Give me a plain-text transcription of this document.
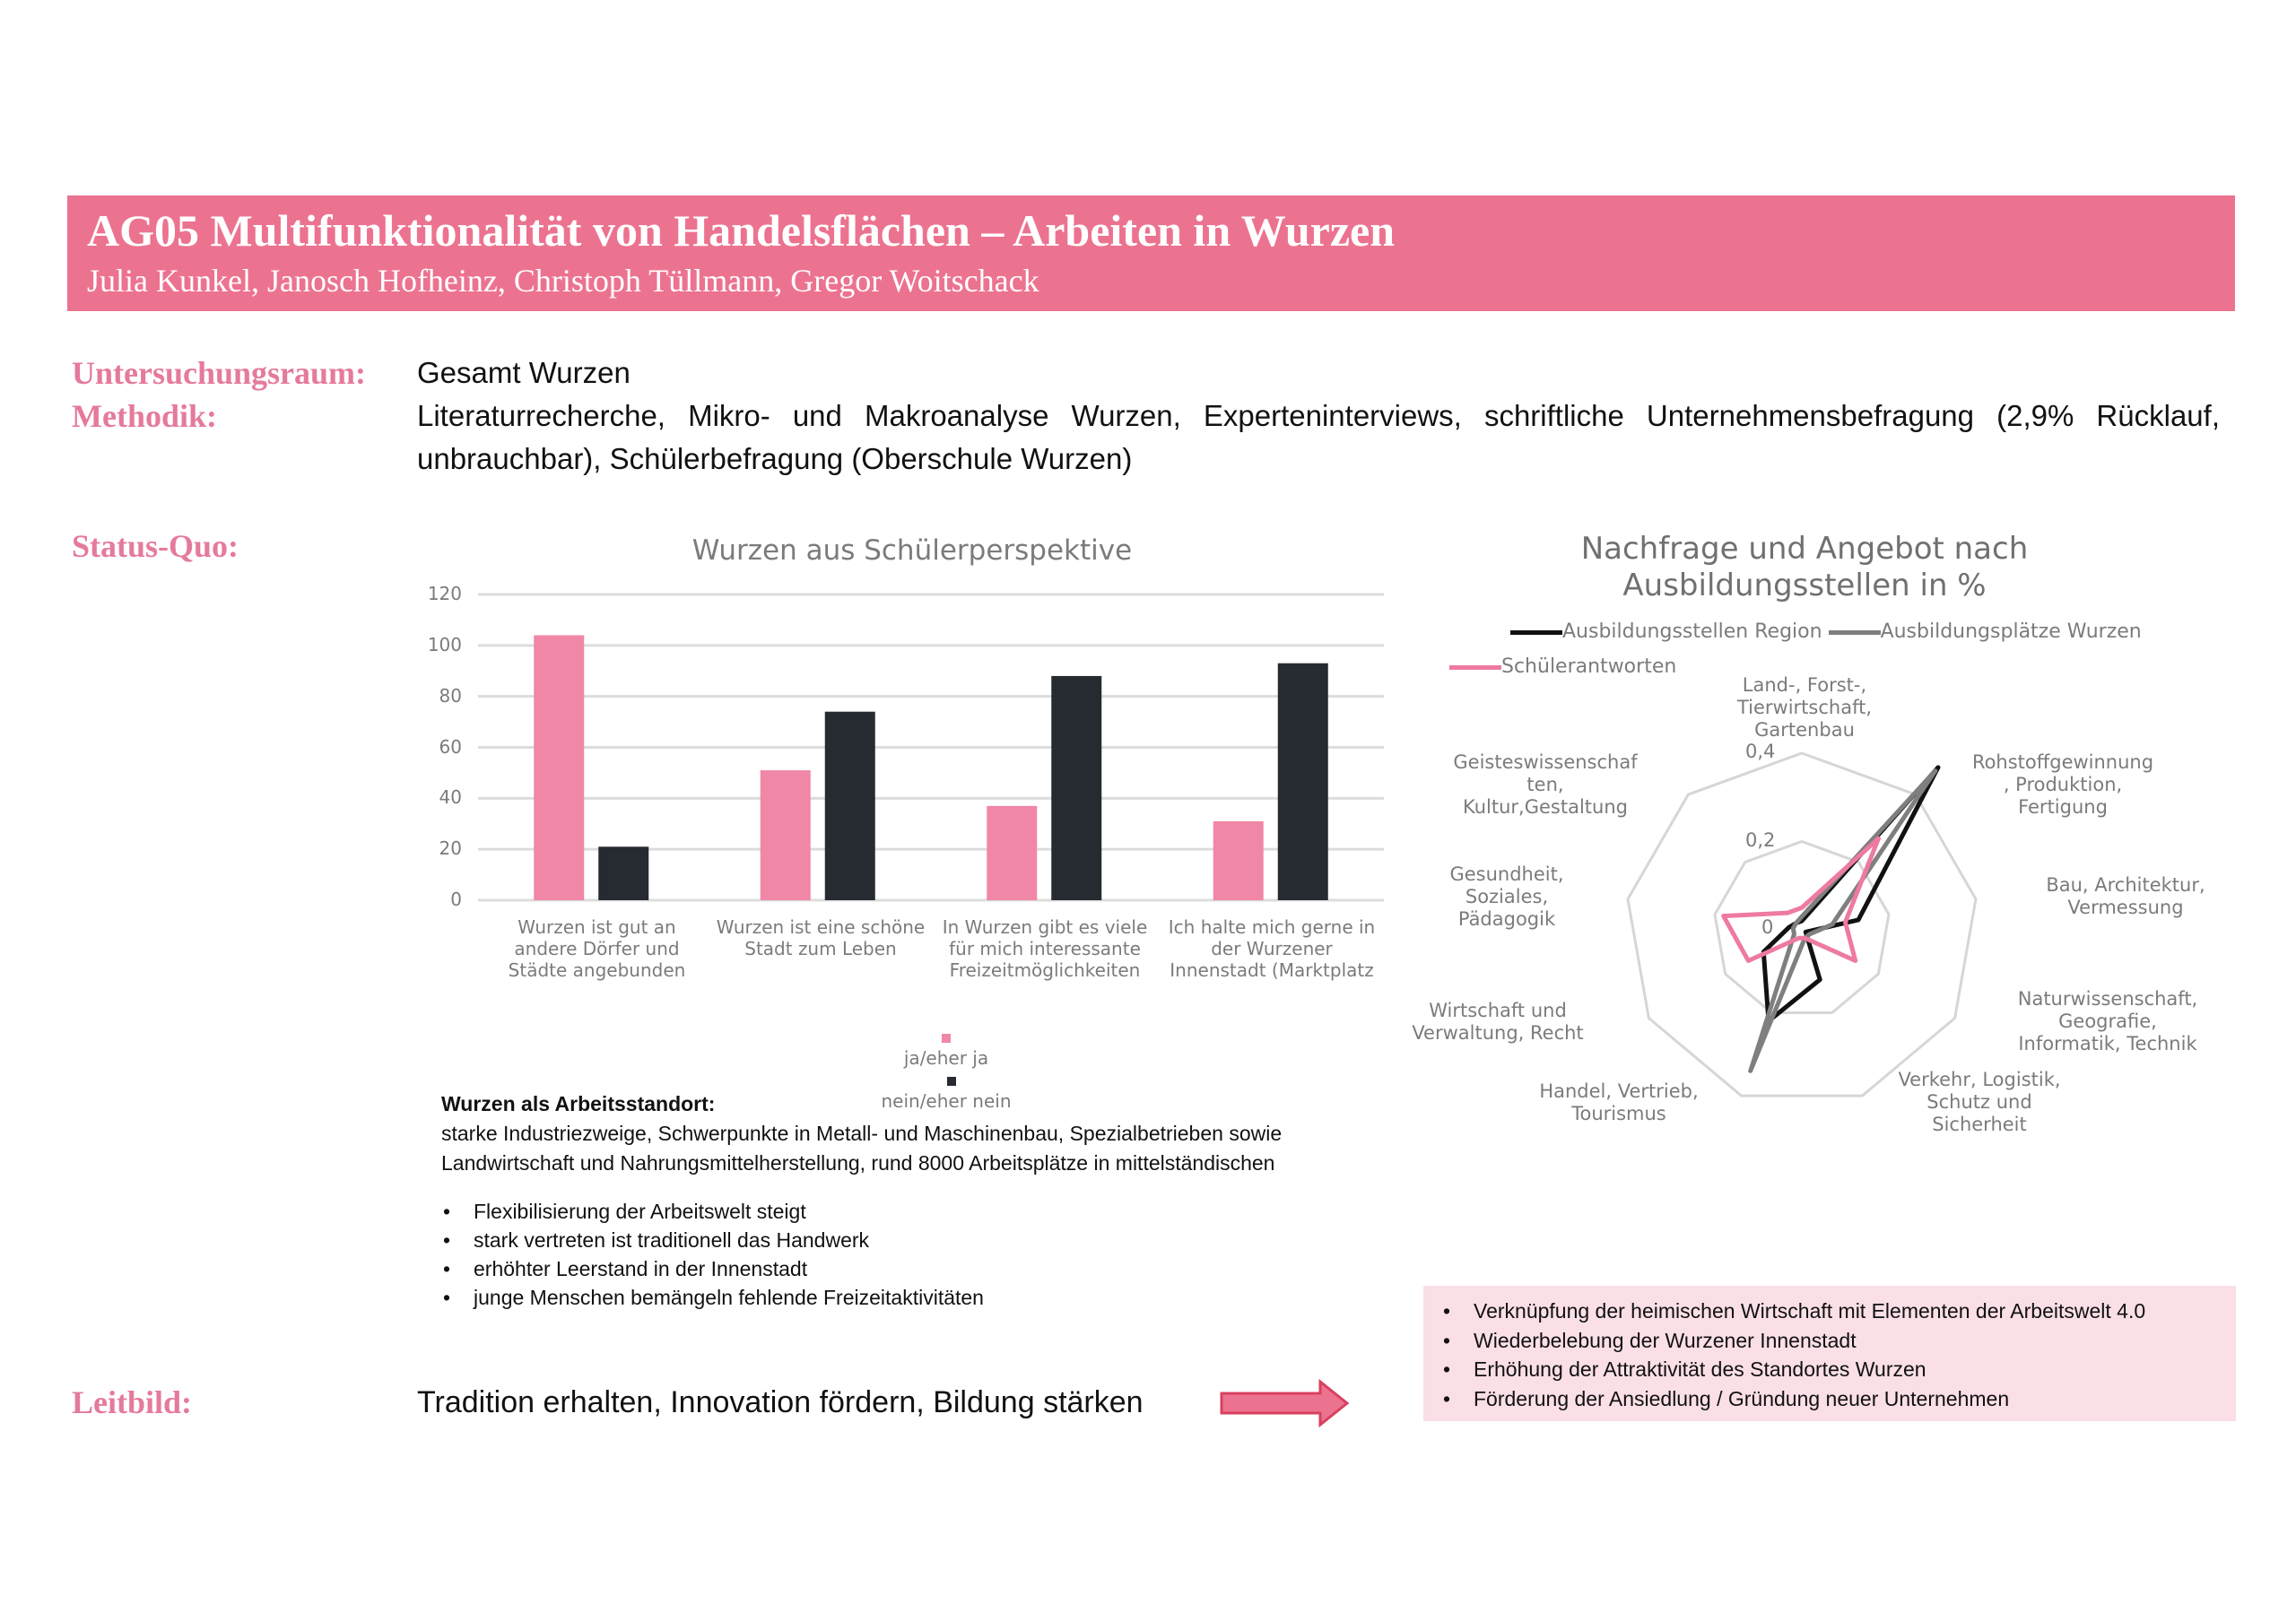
AG05 Multifunktionalität von Handelsflächen – Arbeiten in Wurzen
Julia Kunkel, Janosch Hofheinz, Christoph Tüllmann, Gregor Woitschack
Untersuchungsraum: Gesamt Wurzen
Methodik:	Literaturrecherche, Mikro- und Makroanalyse Wurzen, Experteninterviews, schriftliche Unternehmensbefragung (2,9% Rücklauf, unbrauchbar), Schülerbefragung (Oberschule Wurzen)
Status-Quo:	Wurzen aus Schülerperspektive
0
20
40
60
80
100
120
Wurzen ist gut an
andere Dörfer und
Städte angebunden
Wurzen ist eine schöne
Stadt zum Leben
In Wurzen gibt es viele
für mich interessante
Freizeitmöglichkeiten
Ich halte mich gerne in
der Wurzener
Innenstadt (Marktplatz

ja/eher ja

nein/eher nein

Nachfrage und Angebot nach
Ausbildungsstellen in %
Ausbildungsstellen Region	Ausbildungsplätze Wurzen
Schülerantworten
Land-, Forst-,
Tierwirtschaft,
Gartenbau
Rohstoffgewinnung
, Produktion,
Fertigung
Bau, Architektur,
Vermessung
Naturwissenschaft,
Geografie,
Informatik, Technik
Verkehr, Logistik,
Schutz und
Sicherheit
Handel, Vertrieb,
Tourismus
Wirtschaft und
Verwaltung, Recht
Gesundheit,
Soziales,
Pädagogik
Geisteswissenschaf
ten,
Kultur,Gestaltung
0,4
0,2
0
Wurzen als Arbeitsstandort:
starke Industriezweige, Schwerpunkte in Metall- und Maschinenbau, Spezialbetrieben sowie
Landwirtschaft und Nahrungsmittelherstellung, rund 8000 Arbeitsplätze in mittelständischen
• Flexibilisierung der Arbeitswelt steigt
• stark vertreten ist traditionell das Handwerk
• erhöhter Leerstand in der Innenstadt
• junge Menschen bemängeln fehlende Freizeitaktivitäten
Leitbild:	Tradition erhalten, Innovation fördern, Bildung stärken
• Verknüpfung der heimischen Wirtschaft mit Elementen der Arbeitswelt 4.0
• Wiederbelebung der Wurzener Innenstadt
• Erhöhung der Attraktivität des Standortes Wurzen
• Förderung der Ansiedlung / Gründung neuer Unternehmen
